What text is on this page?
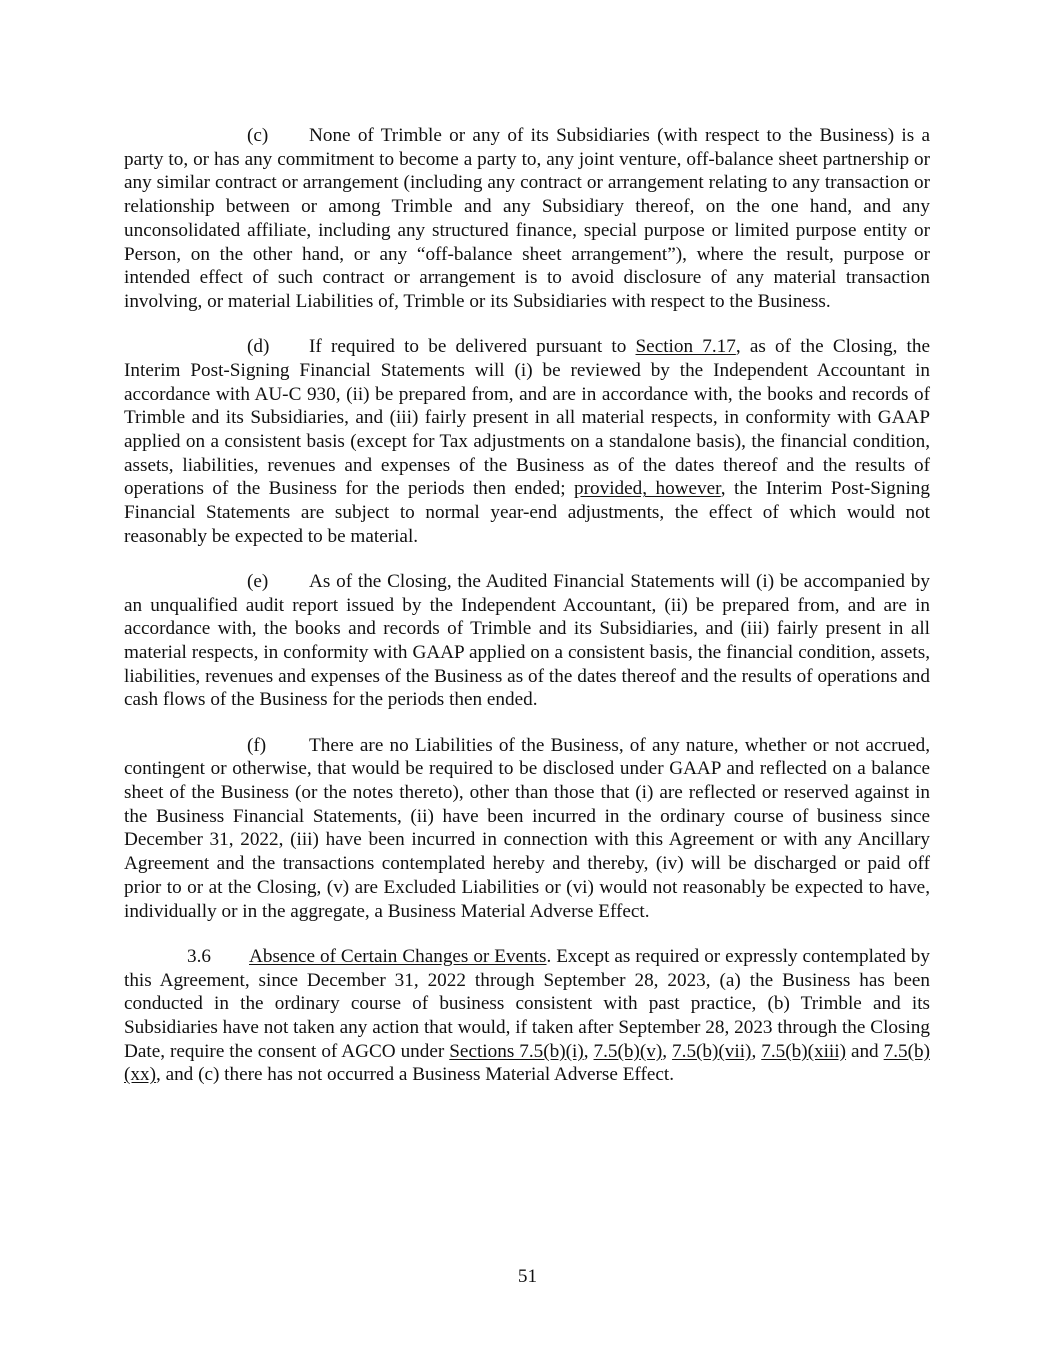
(c) None of Trimble or any of its Subsidiaries (with respect to the Business) is a party to, or has any commitment to become a party to, any joint venture, off-balance sheet partnership or any similar contract or arrangement (including any contract or arrangement relating to any transaction or relationship between or among Trimble and any Subsidiary thereof, on the one hand, and any unconsolidated affiliate, including any structured finance, special purpose or limited purpose entity or Person, on the other hand, or any “off-balance sheet arrangement”), where the result, purpose or intended effect of such contract or arrangement is to avoid disclosure of any material transaction involving, or material Liabilities of, Trimble or its Subsidiaries with respect to the Business.

(d) If required to be delivered pursuant to Section 7.17, as of the Closing, the Interim Post-Signing Financial Statements will (i) be reviewed by the Independent Accountant in accordance with AU-C 930, (ii) be prepared from, and are in accordance with, the books and records of Trimble and its Subsidiaries, and (iii) fairly present in all material respects, in conformity with GAAP applied on a consistent basis (except for Tax adjustments on a standalone basis), the financial condition, assets, liabilities, revenues and expenses of the Business as of the dates thereof and the results of operations of the Business for the periods then ended; provided, however, the Interim Post-Signing Financial Statements are subject to normal year-end adjustments, the effect of which would not reasonably be expected to be material.

(e) As of the Closing, the Audited Financial Statements will (i) be accompanied by an unqualified audit report issued by the Independent Accountant, (ii) be prepared from, and are in accordance with, the books and records of Trimble and its Subsidiaries, and (iii) fairly present in all material respects, in conformity with GAAP applied on a consistent basis, the financial condition, assets, liabilities, revenues and expenses of the Business as of the dates thereof and the results of operations and cash flows of the Business for the periods then ended.

(f) There are no Liabilities of the Business, of any nature, whether or not accrued, contingent or otherwise, that would be required to be disclosed under GAAP and reflected on a balance sheet of the Business (or the notes thereto), other than those that (i) are reflected or reserved against in the Business Financial Statements, (ii) have been incurred in the ordinary course of business since December 31, 2022, (iii) have been incurred in connection with this Agreement or with any Ancillary Agreement and the transactions contemplated hereby and thereby, (iv) will be discharged or paid off prior to or at the Closing, (v) are Excluded Liabilities or (vi) would not reasonably be expected to have, individually or in the aggregate, a Business Material Adverse Effect.

3.6 Absence of Certain Changes or Events. Except as required or expressly contemplated by this Agreement, since December 31, 2022 through September 28, 2023, (a) the Business has been conducted in the ordinary course of business consistent with past practice, (b) Trimble and its Subsidiaries have not taken any action that would, if taken after September 28, 2023 through the Closing Date, require the consent of AGCO under Sections 7.5(b)(i), 7.5(b)(v), 7.5(b)(vii), 7.5(b)(xiii) and 7.5(b)(xx), and (c) there has not occurred a Business Material Adverse Effect.

51
